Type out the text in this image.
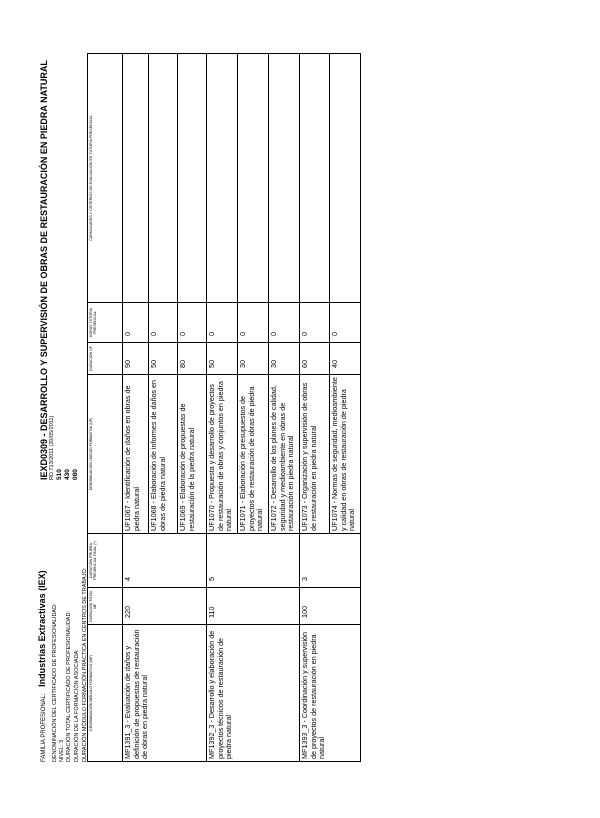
FAMILIA PROFESIONAL: Industrias Extractivas (IEX) DENOMINACIÓN DEL CERTIFICADO DE PROFESIONALIDAD:
IEXD0309 - DESARROLLO Y SUPERVISIÓN DE OBRAS DE RESTAURACIÓN EN PIEDRA NATURAL
NIVEL: 3
RD 713/2011 (20/05/2011)
DURACIÓN TOTAL CERTIFICADO DE PROFESIONALIDAD:
510
DURACIÓN DE LA FORMACIÓN ASOCIADA:
430
DURACIÓN MÓDULO FORMACIÓN PRÁCTICA EN CENTROS DE TRABAJO:
080
DENOMINACIÓN MÓDULO FORMATIVO (MF)	DURACIÓN TOTAL MF	DURACIÓN PRUEBA PRESENCIAL FINAL (*)	DENOMINACIÓN UNIDAD FORMATIVA (UF)	DURACIÓN UF	HORAS TUTORÍA PRESENCIAL	CAPACIDADES Y CRITERIOS DE EVALUACIÓN EN TUTORÍA PRESENCIAL
MF1391_3 - Evaluación de daños y definición de propuestas de restauración de obras en piedra natural	220	4	UF1067 - Identificación de daños en obras de piedra natural	90	0	
			UF1068 - Elaboración de informes de daños en obras de piedra natural	50	0	
			UF1069 - Elaboración de propuestas de restauración de la piedra natural	80	0	
MF1392_3 - Desarrollo y elaboración de proyectos técnicos de restauración de piedra natural	110	5	UF1070 - Propuesta y desarrollo de proyectos de restauración de obras y conjuntos en piedra natural	50	0	
			UF1071 - Elaboración de presupuestos de proyectos de restauración de obras de piedra natural	30	0	
			UF1072 - Desarrollo de los planes de calidad, seguridad y medioambiente en obras de restauración en piedra natural	30	0	
MF1393_3 - Coordinación y supervisión de proyectos de restauración en piedra natural	100	3	UF1073 - Organización y supervisión de obras de restauración en piedra natural	60	0	
			UF1074 - Normas de seguridad, medioambiente y calidad en obras de restauración de piedra natural	40	0	
